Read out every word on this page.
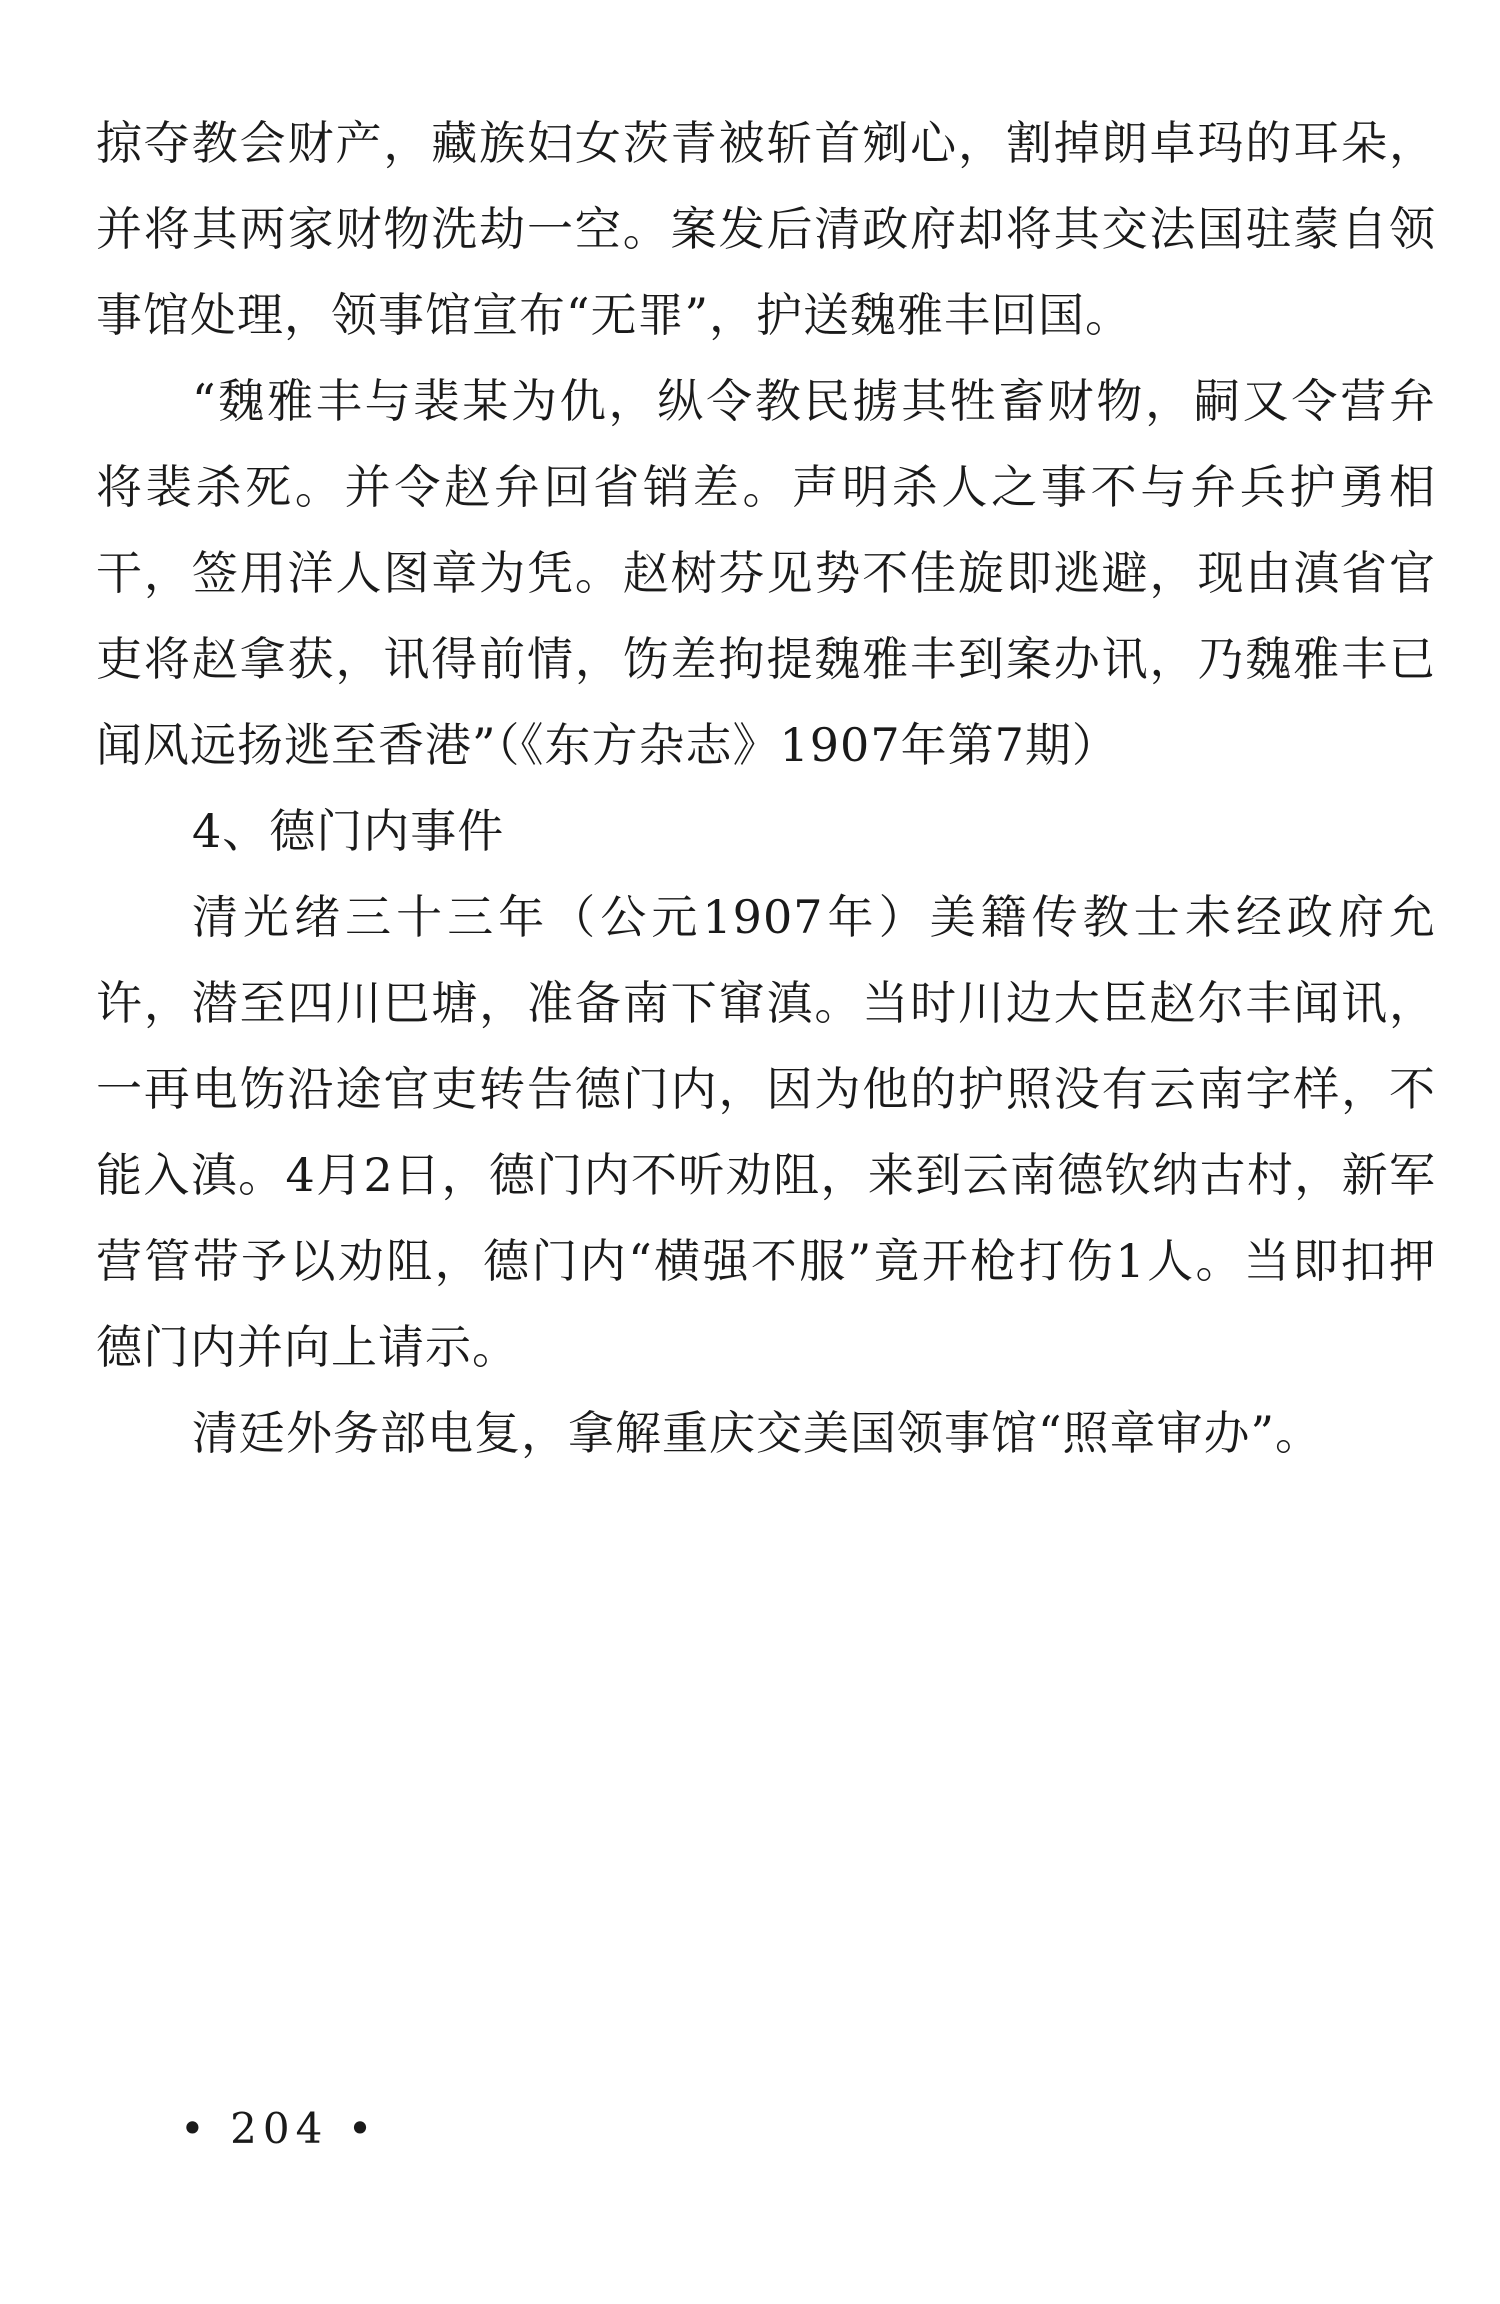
掠夺教会财产，藏族妇女茨青被斩首剜心，割掉朗卓玛的耳朵，并将其两家财物洗劫一空。案发后清政府却将其交法国驻蒙自领事馆处理，领事馆宣布“无罪”，护送魏雅丰回国。

“魏雅丰与裴某为仇，纵令教民掳其牲畜财物，嗣又令营弁将裴杀死。并令赵弁回省销差。声明杀人之事不与弁兵护勇相干，签用洋人图章为凭。赵树芬见势不佳旋即逃避，现由滇省官吏将赵拿获，讯得前情，饬差拘提魏雅丰到案办讯，乃魏雅丰已闻风远扬逃至香港”（《东方杂志》1907年第7期）

4、德门内事件

清光绪三十三年（公元1907年）美籍传教士未经政府允许，潜至四川巴塘，准备南下窜滇。当时川边大臣赵尔丰闻讯，一再电饬沿途官吏转告德门内，因为他的护照没有云南字样，不能入滇。4月2日，德门内不听劝阻，来到云南德钦纳古村，新军营管带予以劝阻，德门内“横强不服”竟开枪打伤1人。当即扣押德门内并向上请示。

清廷外务部电复，拿解重庆交美国领事馆“照章审办”。

• 204 •
